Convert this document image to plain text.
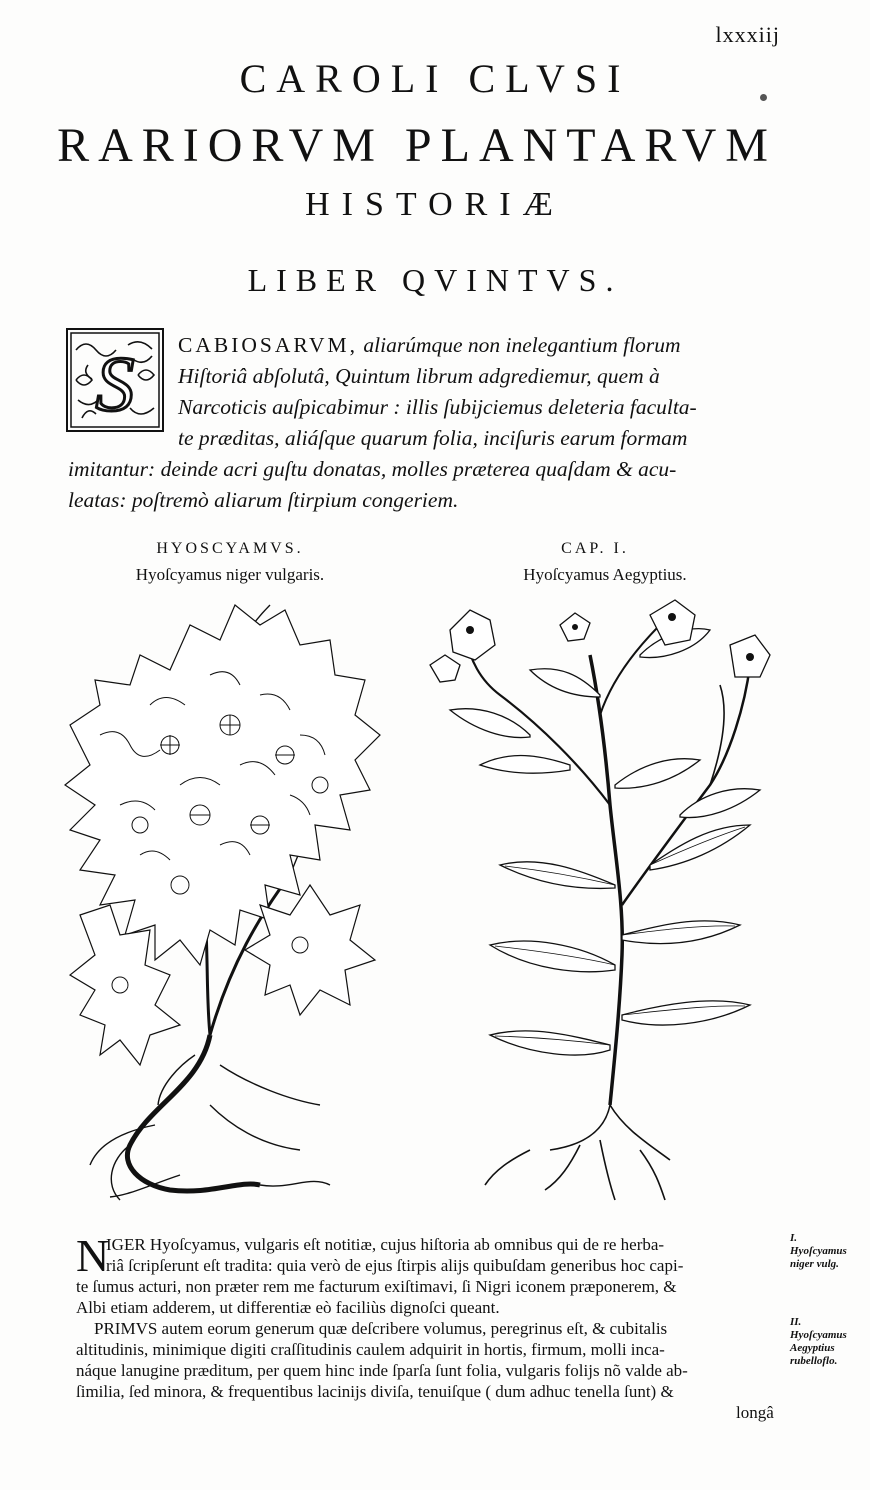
lxxxiij
CAROLI CLVSI
RARIORVM PLANTARVM
HISTORIÆ
LIBER QVINTVS.
S CABIOSARVM, aliarúmque non inelegantium florum
Hiſtoriâ abſolutâ, Quintum librum adgrediemur, quem à
Narcoticis auſpicabimur : illis ſubijciemus deleteria faculta-
te prӕditas, aliáſque quarum folia, inciſuris earum formam
imitantur: deinde acri guſtu donatas, molles prӕterea quaſdam & acu-
leatas: poſtremò aliarum ſtirpium congeriem.
HYOSCYAMVS.
Hyoſcyamus niger vulgaris.
CAP. I.
Hyoſcyamus Aegyptius.
N
IGER Hyoſcyamus, vulgaris eſt notitiӕ, cujus hiſtoria ab omnibus qui de re herba-
riâ ſcripſerunt eſt tradita: quia verò de ejus ſtirpis alijs quibuſdam generibus hoc capi-
te ſumus acturi, non prӕter rem me facturum exiſtimavi, ſi Nigri iconem prӕponerem, &
Albi etiam adderem, ut differentiӕ eò faciliùs dignoſci queant.
PRIMVS autem eorum generum quӕ deſcribere volumus, peregrinus eſt, & cubitalis
altitudinis, minimique digiti craſſitudinis caulem adquirit in hortis, firmum, molli inca-
náque lanugine prӕditum, per quem hinc inde ſparſa ſunt folia, vulgaris folijs nõ valde ab-
ſimilia, ſed minora, & frequentibus lacinijs diviſa, tenuiſque ( dum adhuc tenella ſunt) &
longâ
I.
Hyoſcyamus
niger vulg.
II.
Hyoſcyamus
Aegyptius
rubelloflo.
